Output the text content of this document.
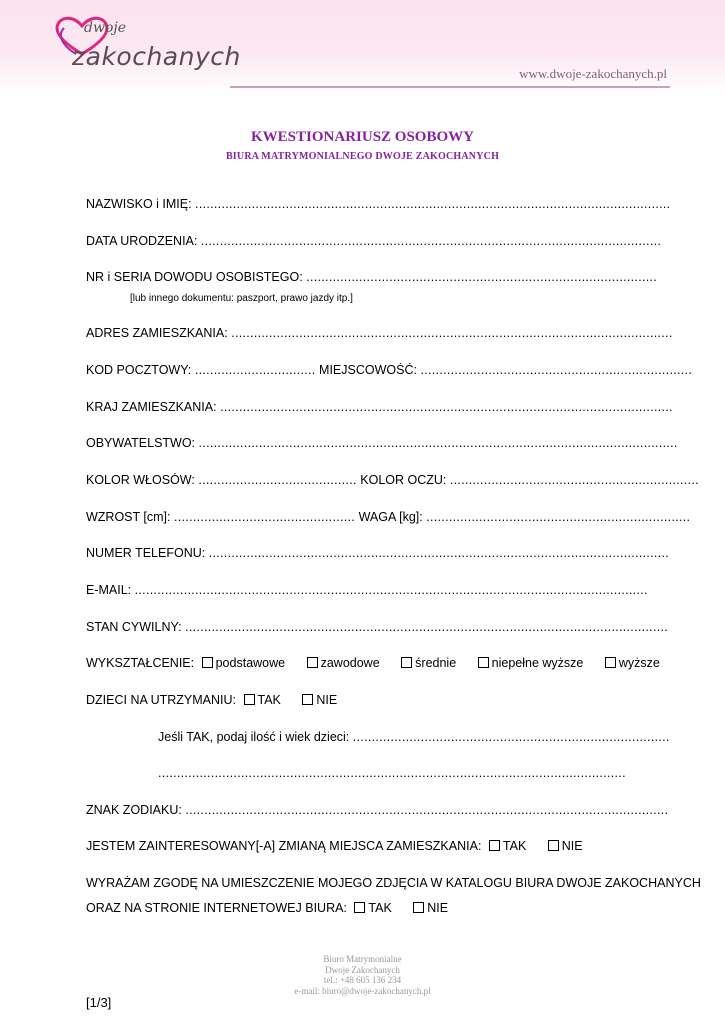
dwoje
zakochanych
www.dwoje-zakochanych.pl
KWESTIONARIUSZ OSOBOWY
BIURA MATRYMONIALNEGO DWOJE ZAKOCHANYCH
NAZWISKO i IMIĘ: ..............................................................................................................................
DATA URODZENIA: ..........................................................................................................................
NR i SERIA DOWODU OSOBISTEGO: .............................................................................................
[lub innego dokumentu: paszport, prawo jazdy itp.]
ADRES ZAMIESZKANIA: .....................................................................................................................
KOD POCZTOWY: ................................ MIEJSCOWOŚĆ: ........................................................................
KRAJ ZAMIESZKANIA: ........................................................................................................................
OBYWATELSTWO: ...............................................................................................................................
KOLOR WŁOSÓW: .......................................... KOLOR OCZU: ..................................................................
WZROST [cm]: ................................................ WAGA [kg]: ......................................................................
NUMER TELEFONU: ..........................................................................................................................
E-MAIL: ........................................................................................................................................
STAN CYWILNY: ................................................................................................................................
WYKSZTAŁCENIE: podstawowe	zawodowe	średnie	niepełne wyższe	wyższe
DZIECI NA UTRZYMANIU: TAK	NIE
Jeśli TAK, podaj ilość i wiek dzieci: ....................................................................................
............................................................................................................................
ZNAK ZODIAKU: ................................................................................................................................
JESTEM ZAINTERESOWANY[-A] ZMIANĄ MIEJSCA ZAMIESZKANIA: TAK	NIE
WYRAŻAM ZGODĘ NA UMIESZCZENIE MOJEGO ZDJĘCIA W KATALOGU BIURA DWOJE ZAKOCHANYCH
ORAZ NA STRONIE INTERNETOWEJ BIURA: TAK	NIE
Biuro Matrymonialne
Dwoje Zakochanych
tel.: +48 605 136 234
e-mail: biuro@dwoje-zakochanych.pl
[1/3]
